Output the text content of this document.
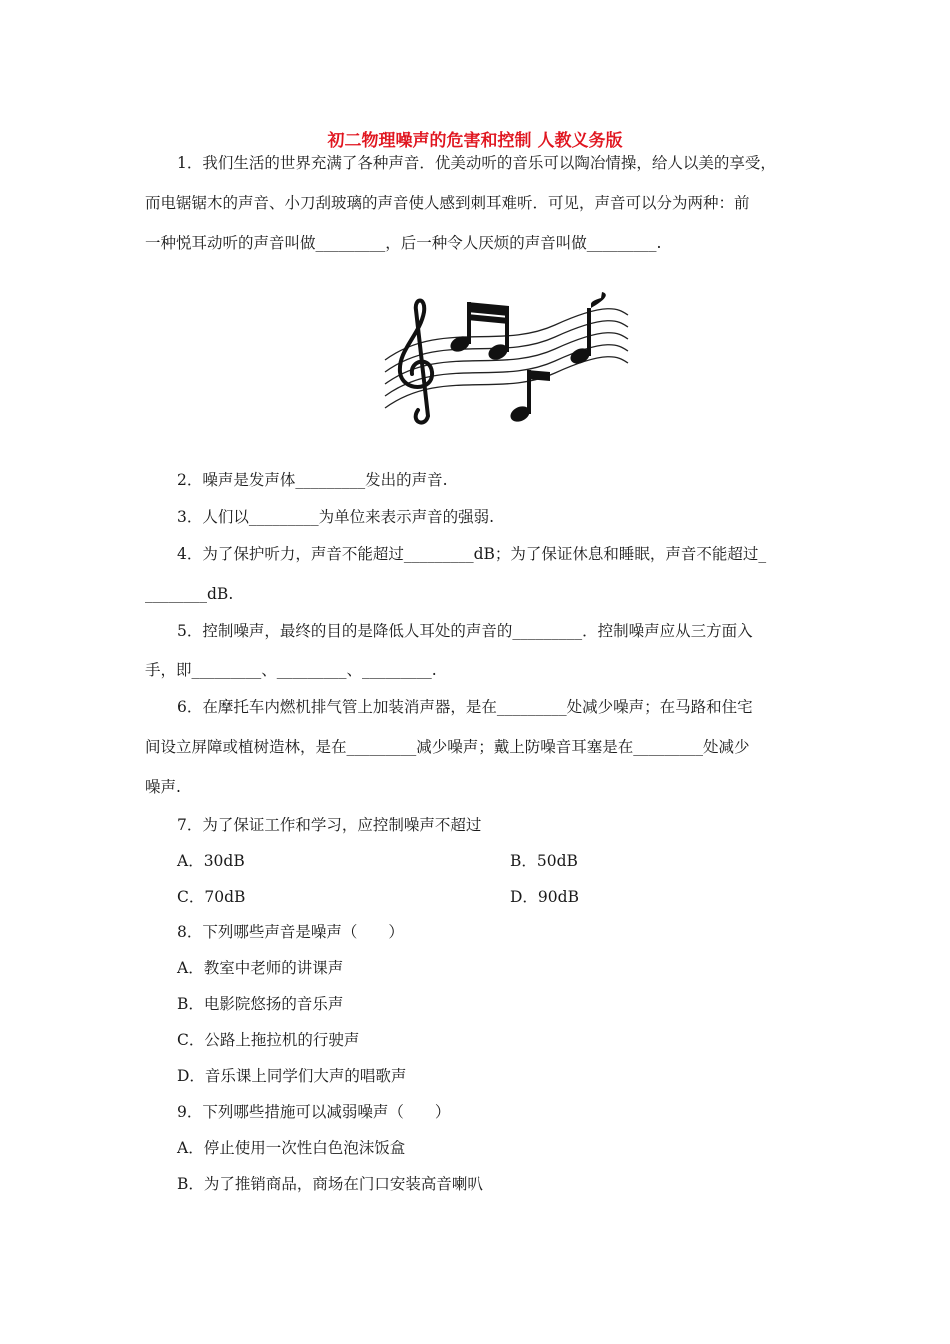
初二物理噪声的危害和控制 人教义务版
1．我们生活的世界充满了各种声音．优美动听的音乐可以陶冶情操，给人以美的享受，
而电锯锯木的声音、小刀刮玻璃的声音使人感到刺耳难听．可见，声音可以分为两种：前
一种悦耳动听的声音叫做_________，后一种令人厌烦的声音叫做_________.
2．噪声是发声体_________发出的声音.
3．人们以_________为单位来表示声音的强弱.
4．为了保护听力，声音不能超过_________dB；为了保证休息和睡眠，声音不能超过_
________dB.
5．控制噪声，最终的目的是降低人耳处的声音的_________．控制噪声应从三方面入
手，即_________、_________、_________.
6．在摩托车内燃机排气管上加装消声器，是在_________处减少噪声；在马路和住宅
间设立屏障或植树造林，是在_________减少噪声；戴上防噪音耳塞是在_________处减少
噪声.
7．为了保证工作和学习，应控制噪声不超过
A．30dB	B．50dB
C．70dB	D．90dB
8．下列哪些声音是噪声（　　）
A．教室中老师的讲课声
B．电影院悠扬的音乐声
C．公路上拖拉机的行驶声
D．音乐课上同学们大声的唱歌声
9．下列哪些措施可以减弱噪声（　　）
A．停止使用一次性白色泡沫饭盒
B．为了推销商品，商场在门口安装高音喇叭
